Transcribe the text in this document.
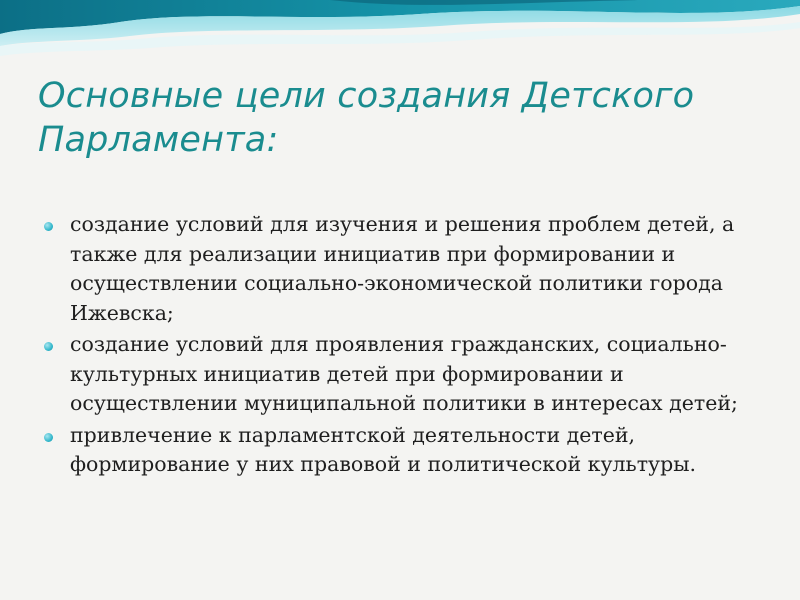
Основные цели создания Детского Парламента:
создание условий для изучения и решения проблем детей, а также для реализации инициатив при формировании и осуществлении социально-экономической политики города Ижевска;
создание условий для проявления гражданских, социально-культурных инициатив детей при формировании и осуществлении муниципальной политики в интересах детей;
привлечение к парламентской деятельности детей, формирование у них правовой и политической культуры.
